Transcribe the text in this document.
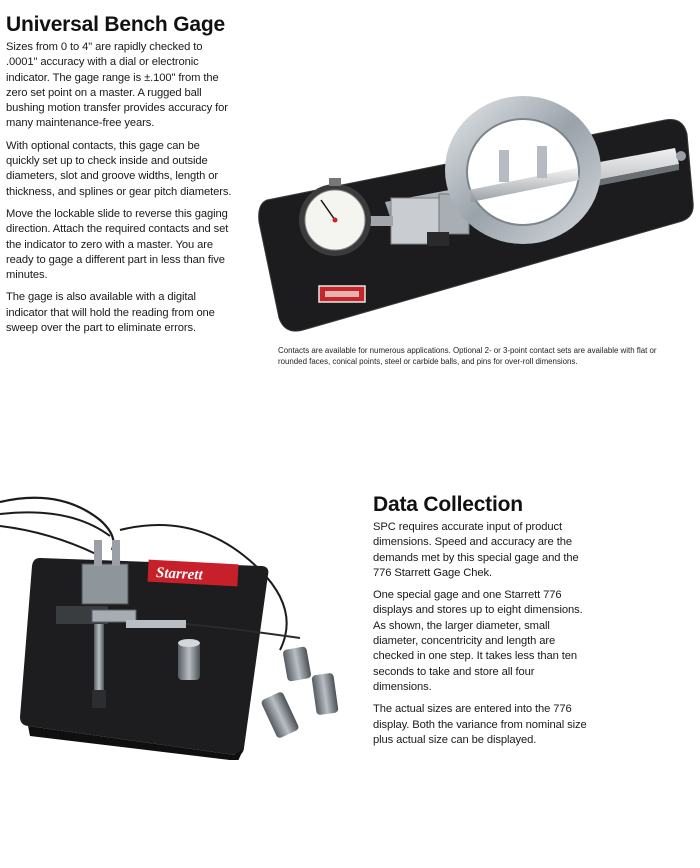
Universal Bench Gage

Sizes from 0 to 4" are rapidly checked to .0001" accuracy with a dial or electronic indicator. The gage range is ±.100" from the zero set point on a master. A rugged ball bushing motion transfer provides accuracy for many maintenance-free years.

With optional contacts, this gage can be quickly set up to check inside and outside diameters, slot and groove widths, length or thickness, and splines or gear pitch diameters.

Move the lockable slide to reverse this gaging direction. Attach the required contacts and set the indicator to zero with a master. You are ready to gage a different part in less than five minutes.

The gage is also available with a digital indicator that will hold the reading from one sweep over the part to eliminate errors.

Contacts are available for numerous applications. Optional 2- or 3-point contact sets are available with flat or rounded faces, conical points, steel or carbide balls, and pins for over-roll dimensions.
Data Collection

SPC requires accurate input of product dimensions. Speed and accuracy are the demands met by this special gage and the 776 Starrett Gage Chek.

One special gage and one Starrett 776 displays and stores up to eight dimensions. As shown, the larger diameter, small diameter, concentricity and length are checked in one step. It takes less than ten seconds to take and store all four dimensions.

The actual sizes are entered into the 776 display. Both the variance from nominal size plus actual size can be displayed.

Starrett
